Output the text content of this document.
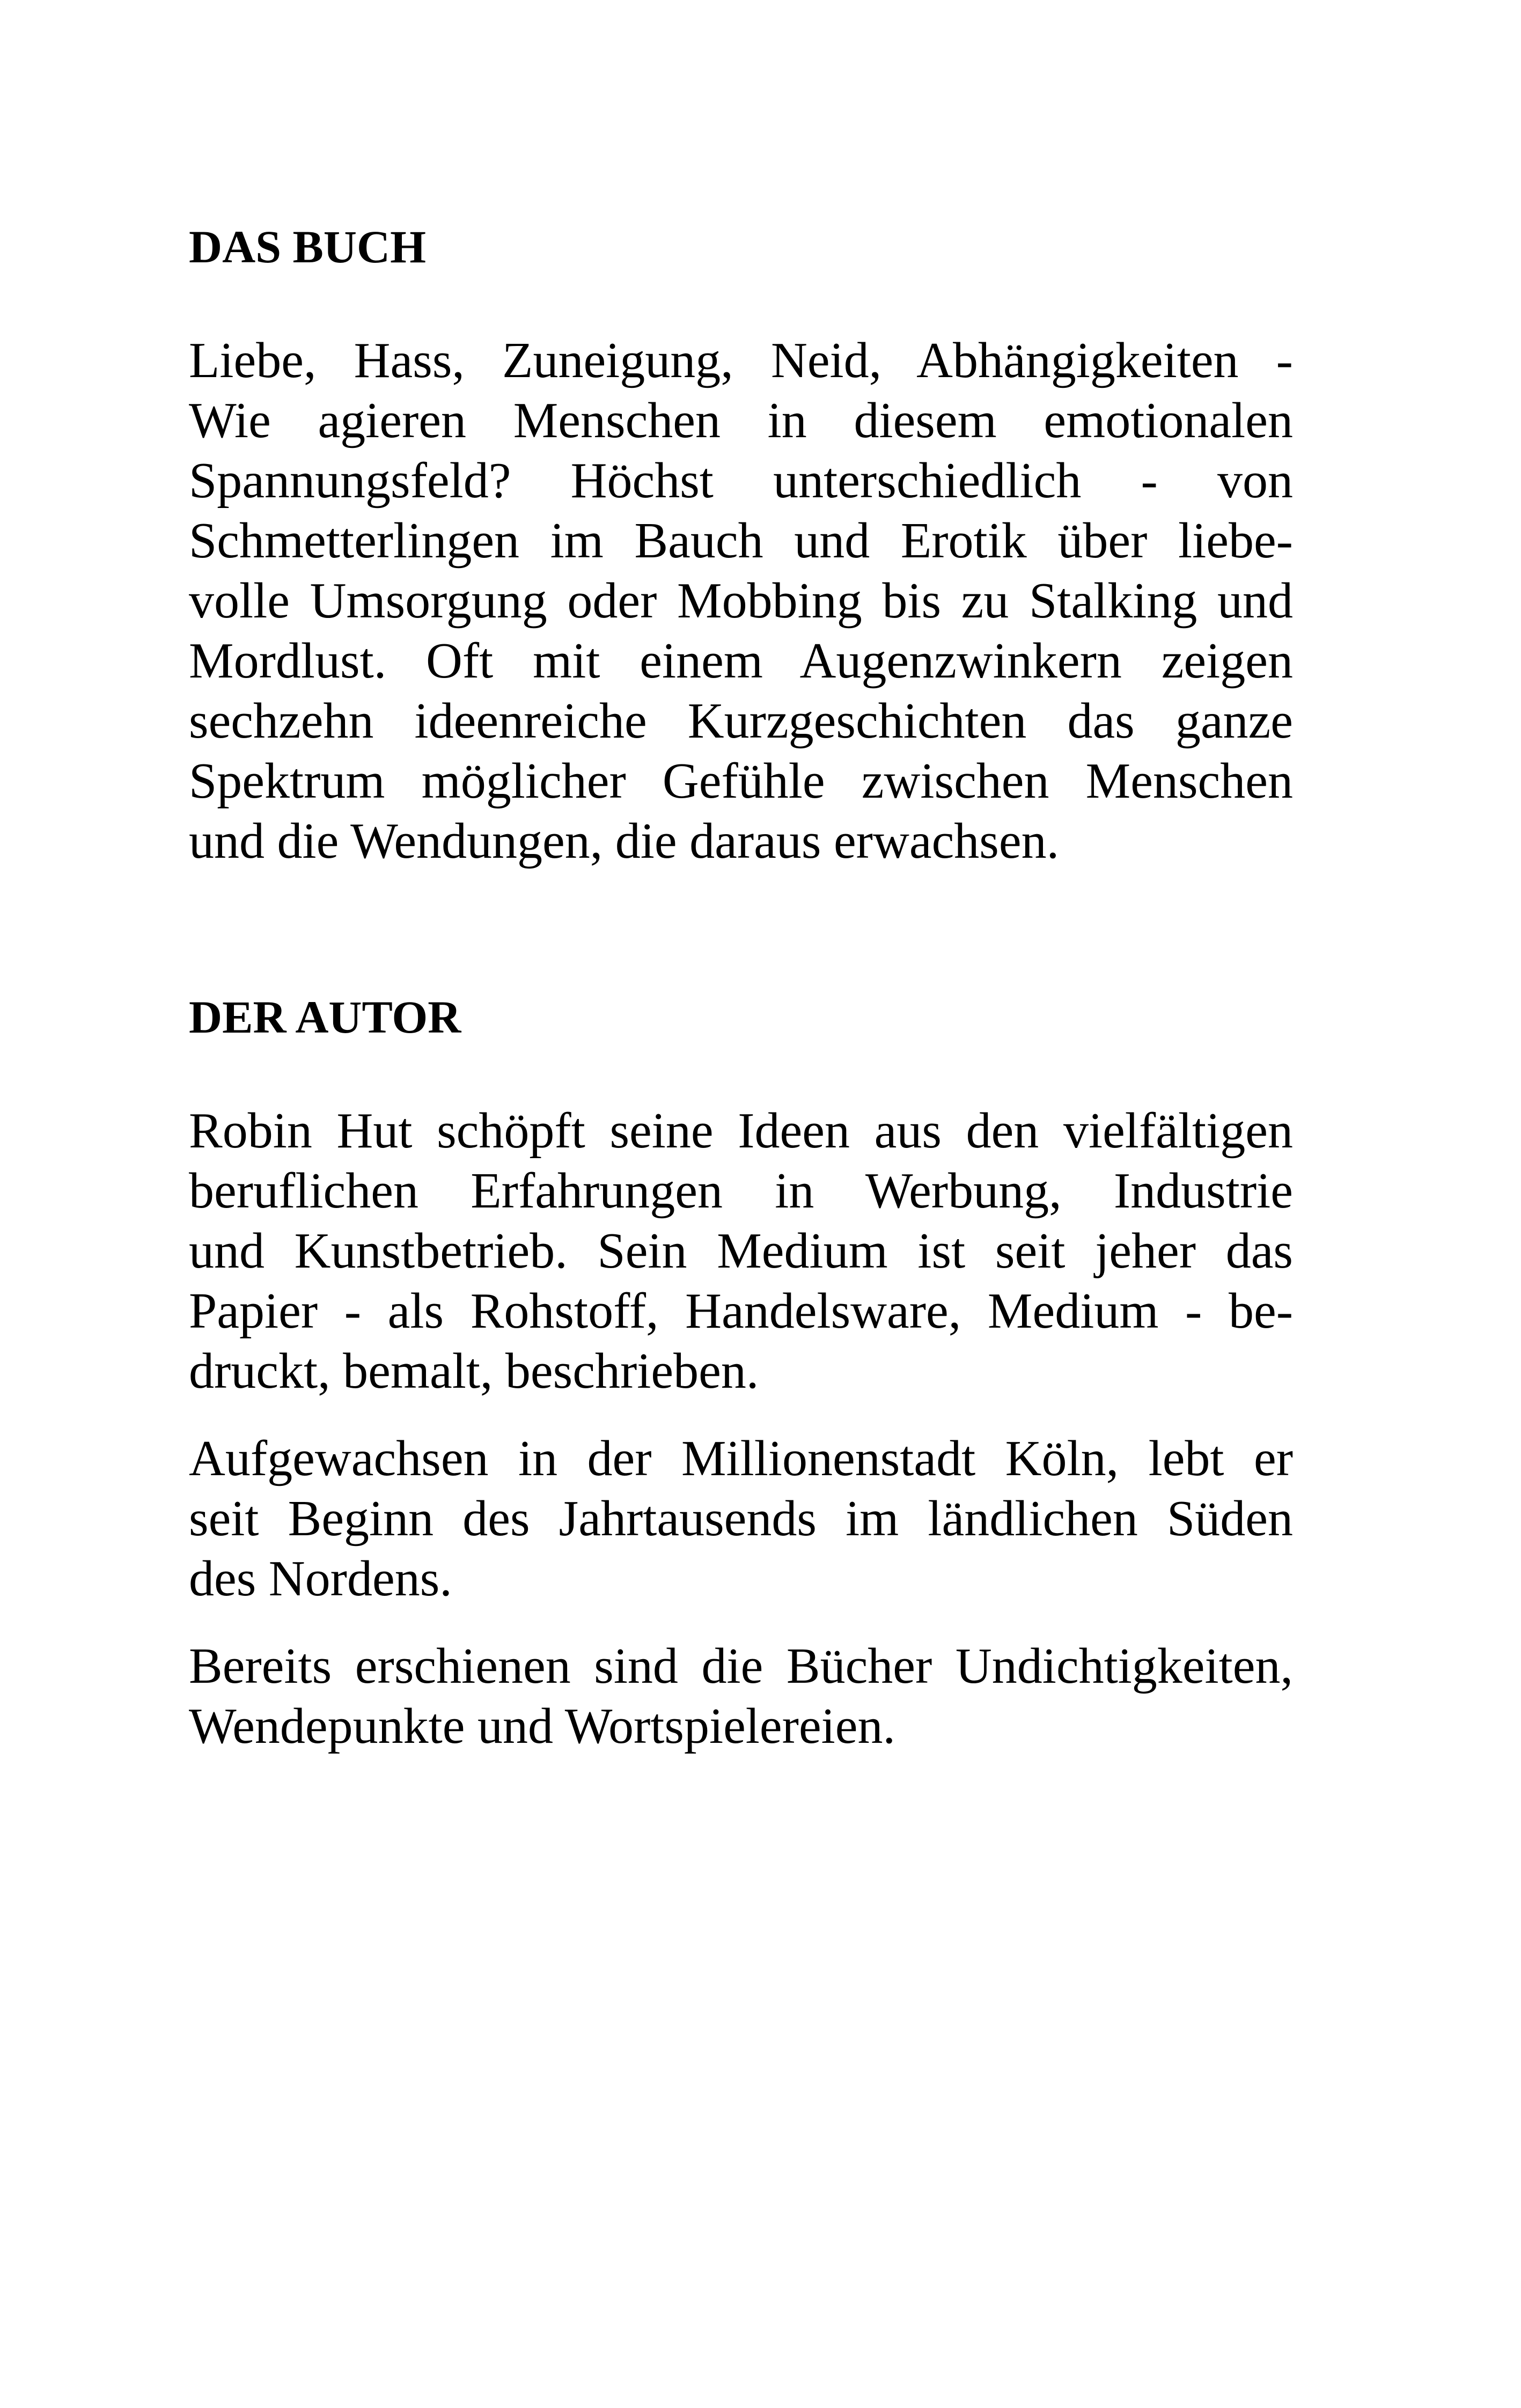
DAS BUCH
Liebe, Hass, Zuneigung, Neid, Abhängigkeiten -
Wie agieren Menschen in diesem emotionalen
Spannungsfeld? Höchst unterschiedlich - von
Schmetterlingen im Bauch und Erotik über liebe-
volle Umsorgung oder Mobbing bis zu Stalking und
Mordlust. Oft mit einem Augenzwinkern zeigen
sechzehn ideenreiche Kurzgeschichten das ganze
Spektrum möglicher Gefühle zwischen Menschen
und die Wendungen, die daraus erwachsen.
DER AUTOR
Robin Hut schöpft seine Ideen aus den vielfältigen
beruflichen Erfahrungen in Werbung, Industrie
und Kunstbetrieb. Sein Medium ist seit jeher das
Papier - als Rohstoff, Handelsware, Medium - be-
druckt, bemalt, beschrieben.
Aufgewachsen in der Millionenstadt Köln, lebt er
seit Beginn des Jahrtausends im ländlichen Süden
des Nordens.
Bereits erschienen sind die Bücher Undichtigkeiten,
Wendepunkte und Wortspielereien.
